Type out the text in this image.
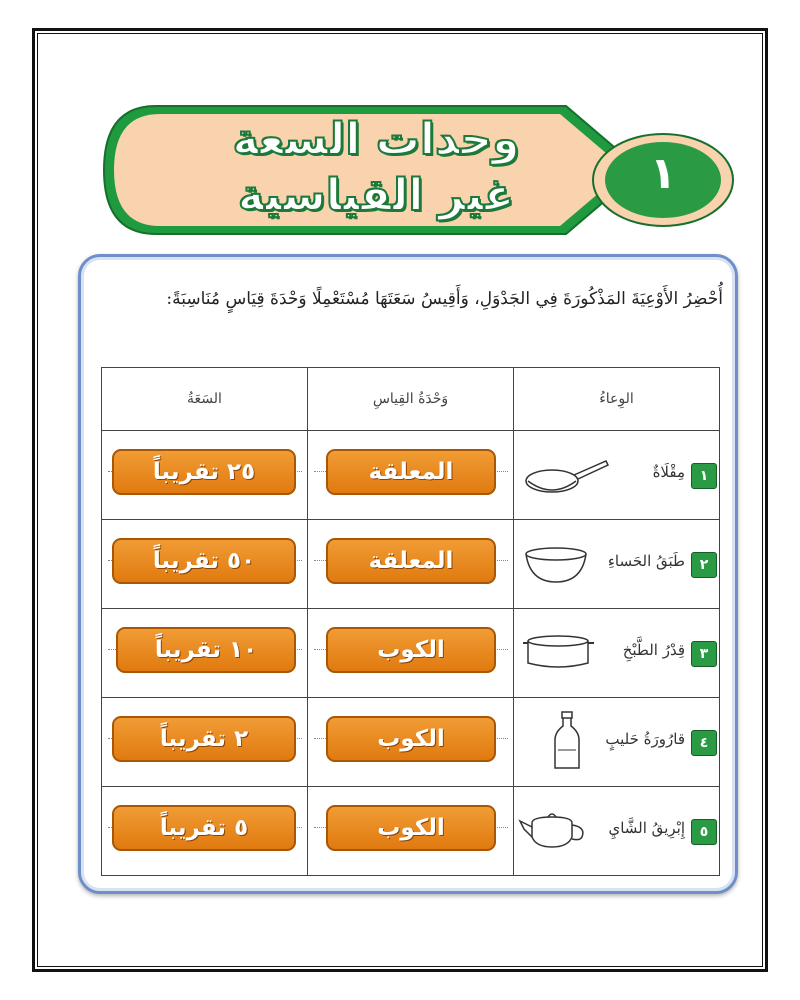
وحدات السعة
غير القياسية	١
أُحْضِرُ الأَوْعِيَةَ المَذْكُورَةَ فِي الجَدْوَلِ، وَأَقِيسُ سَعَتَهَا مُسْتَعْمِلًا وَحْدَةَ قِيَاسٍ مُنَاسِبَةً:
الوِعاءُ	وَحْدَةُ القِياسِ	السَعَةُ

١
مِقْلَاةٌ	المعلقة	٢٥ تقريباً

٢
طَبَقُ الحَساءِ	المعلقة	٥٠ تقريباً

٣
قِدْرُ الطَّبْخِ	الكوب	١٠ تقريباً

٤
قارُورَةُ حَليبٍ	الكوب	٢ تقريباً

٥
إِبْرِيقُ الشَّايِ	الكوب	٥ تقريباً
